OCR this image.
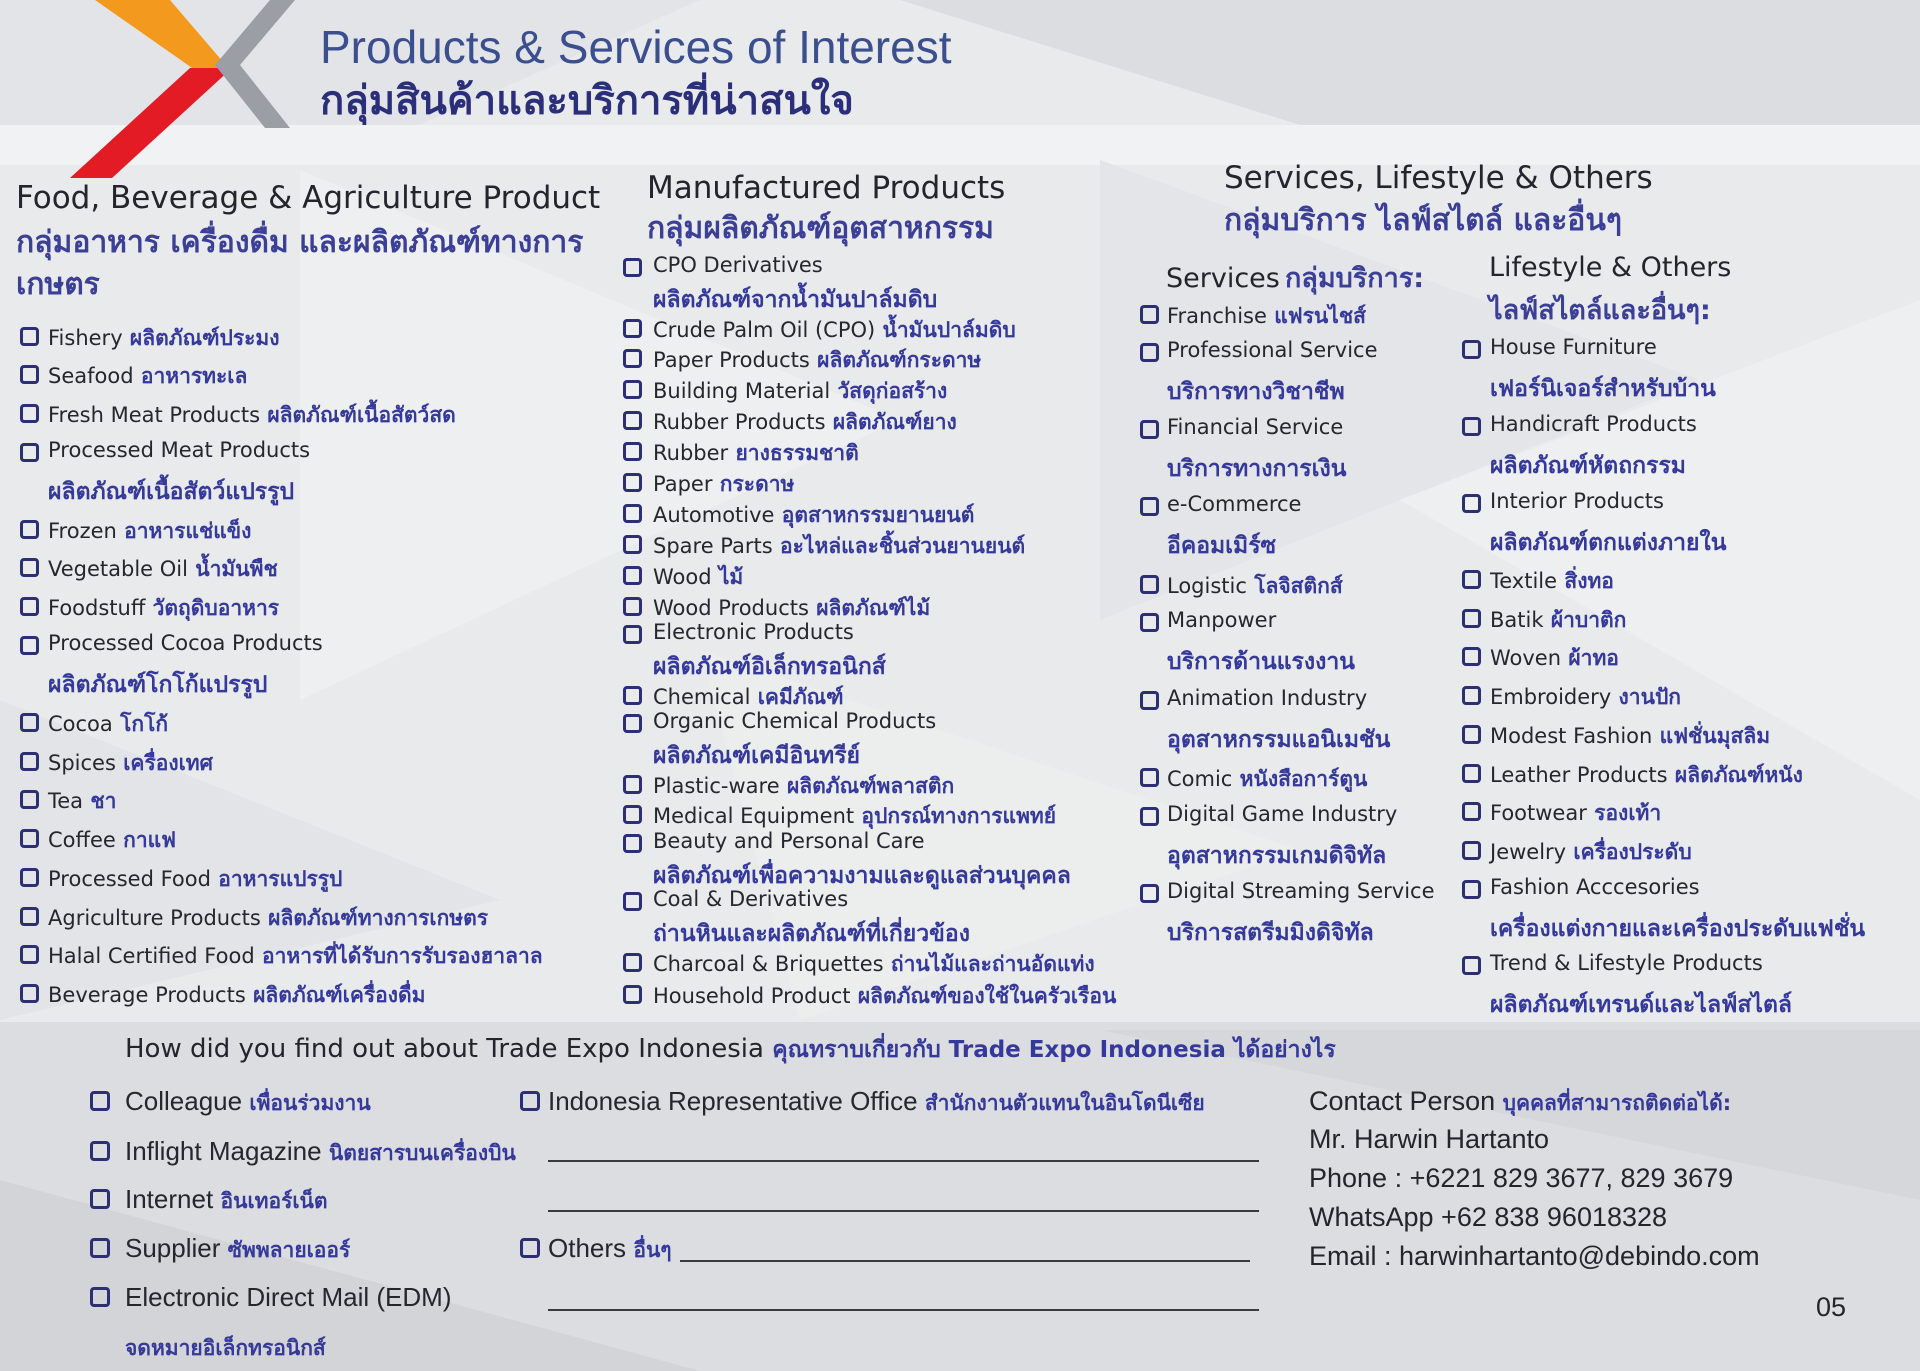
Products & Services of Interest
กลุ่มสินค้าและบริการที่น่าสนใจ
Food, Beverage & Agriculture Product
กลุ่มอาหาร เครื่องดื่ม และผลิตภัณฑ์ทางการ เกษตร
Manufactured Products
กลุ่มผลิตภัณฑ์อุตสาหกรรม
Services, Lifestyle & Others
กลุ่มบริการ ไลฟ์สไตล์ และอื่นๆ
Services กลุ่มบริการ: Lifestyle & Others
ไลฟ์สไตล์และอื่นๆ:
Fishery ผลิตภัณฑ์ประมง
Seafood อาหารทะเล
Fresh Meat Products ผลิตภัณฑ์เนื้อสัตว์สด
Processed Meat Products
ผลิตภัณฑ์เนื้อสัตว์แปรรูป
Frozen อาหารแช่แข็ง
Vegetable Oil น้ำมันพืช
Foodstuff วัตถุดิบอาหาร
Processed Cocoa Products
ผลิตภัณฑ์โกโก้แปรรูป
Cocoa โกโก้
Spices เครื่องเทศ
Tea ชา
Coffee กาแฟ
Processed Food อาหารแปรรูป
Agriculture Products ผลิตภัณฑ์ทางการเกษตร
Halal Certified Food อาหารที่ได้รับการรับรองฮาลาล
Beverage Products ผลิตภัณฑ์เครื่องดื่ม
CPO Derivatives
ผลิตภัณฑ์จากน้ำมันปาล์มดิบ
Crude Palm Oil (CPO) น้ำมันปาล์มดิบ
Paper Products ผลิตภัณฑ์กระดาษ
Building Material วัสดุก่อสร้าง
Rubber Products ผลิตภัณฑ์ยาง
Rubber ยางธรรมชาติ
Paper กระดาษ
Automotive อุตสาหกรรมยานยนต์
Spare Parts อะไหล่และชิ้นส่วนยานยนต์
Wood ไม้
Wood Products ผลิตภัณฑ์ไม้
Electronic Products
ผลิตภัณฑ์อิเล็กทรอนิกส์
Chemical เคมีภัณฑ์
Organic Chemical Products
ผลิตภัณฑ์เคมีอินทรีย์
Plastic-ware ผลิตภัณฑ์พลาสติก
Medical Equipment อุปกรณ์ทางการแพทย์
Beauty and Personal Care
ผลิตภัณฑ์เพื่อความงามและดูแลส่วนบุคคล
Coal & Derivatives
ถ่านหินและผลิตภัณฑ์ที่เกี่ยวข้อง
Charcoal & Briquettes ถ่านไม้และถ่านอัดแท่ง
Household Product ผลิตภัณฑ์ของใช้ในครัวเรือน
Franchise แฟรนไชส์
Professional Service
บริการทางวิชาชีพ
Financial Service
บริการทางการเงิน
e-Commerce
อีคอมเมิร์ซ
Logistic โลจิสติกส์
Manpower
บริการด้านแรงงาน
Animation Industry
อุตสาหกรรมแอนิเมชัน
Comic หนังสือการ์ตูน
Digital Game Industry
อุตสาหกรรมเกมดิจิทัล
Digital Streaming Service
บริการสตรีมมิงดิจิทัล
House Furniture
เฟอร์นิเจอร์สำหรับบ้าน
Handicraft Products
ผลิตภัณฑ์หัตถกรรม
Interior Products
ผลิตภัณฑ์ตกแต่งภายใน
Textile สิ่งทอ
Batik ผ้าบาติก
Woven ผ้าทอ
Embroidery งานปัก
Modest Fashion แฟชั่นมุสลิม
Leather Products ผลิตภัณฑ์หนัง
Footwear รองเท้า
Jewelry เครื่องประดับ
Fashion Acccesories
เครื่องแต่งกายและเครื่องประดับแฟชั่น
Trend & Lifestyle Products
ผลิตภัณฑ์เทรนด์และไลฟ์สไตล์
How did you find out about Trade Expo Indonesia คุณทราบเกี่ยวกับ Trade Expo Indonesia ได้อย่างไร
Colleague เพื่อนร่วมงาน
Inflight Magazine นิตยสารบนเครื่องบิน
Internet อินเทอร์เน็ต
Supplier ซัพพลายเออร์
Electronic Direct Mail (EDM)
Indonesia Representative Office สำนักงานตัวแทนในอินโดนีเซีย
Others อื่นๆ
จดหมายอิเล็กทรอนิกส์
Contact Person บุคคลที่สามารถติดต่อได้:
Mr. Harwin Hartanto
Phone : +6221 829 3677, 829 3679
WhatsApp +62 838 96018328
Email : harwinhartanto@debindo.com
05
